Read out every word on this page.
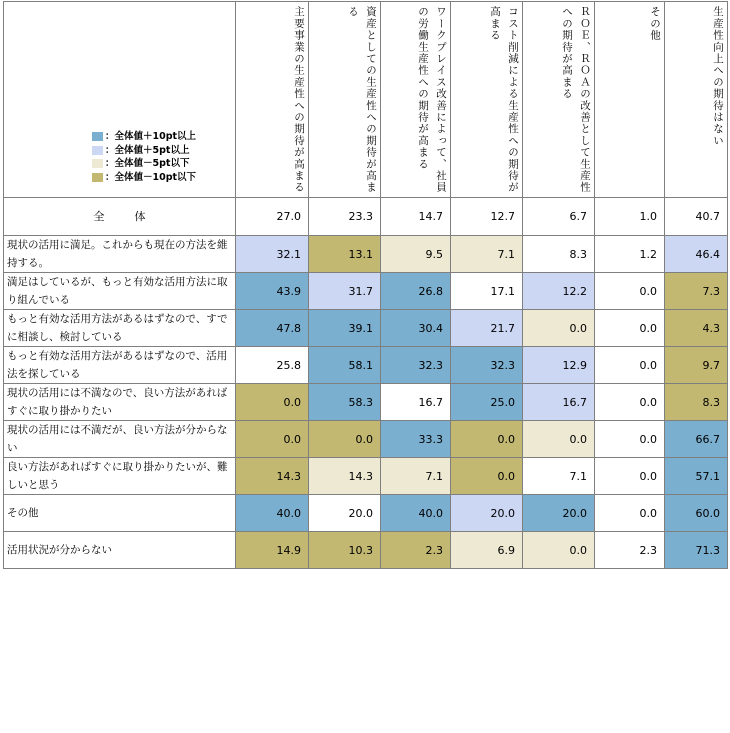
：全体値＋10pt以上
：全体値＋5pt以上
：全体値－5pt以下
：全体値－10pt以下	主要事業の生産性への期待が高まる	資産としての生産性への期待が高まる	ワークプレイス改善によって、社員の労働生産性への期待が高まる	コスト削減による生産性への期待が高まる	ＲＯＥ、ＲＯＡの改善として生産性への期待が高まる	その他	生産性向上への期待はない
全 体	27.0	23.3	14.7	12.7	6.7	1.0	40.7
現状の活用に満足。これからも現在の方法を維持する。	32.1	13.1	9.5	7.1	8.3	1.2	46.4
満足はしているが、もっと有効な活用方法に取り組んでいる	43.9	31.7	26.8	17.1	12.2	0.0	7.3
もっと有効な活用方法があるはずなので、すでに相談し、検討している	47.8	39.1	30.4	21.7	0.0	0.0	4.3
もっと有効な活用方法があるはずなので、活用法を探している	25.8	58.1	32.3	32.3	12.9	0.0	9.7
現状の活用には不満なので、良い方法があればすぐに取り掛かりたい	0.0	58.3	16.7	25.0	16.7	0.0	8.3
現状の活用には不満だが、良い方法が分からない	0.0	0.0	33.3	0.0	0.0	0.0	66.7
良い方法があればすぐに取り掛かりたいが、難しいと思う	14.3	14.3	7.1	0.0	7.1	0.0	57.1
その他	40.0	20.0	40.0	20.0	20.0	0.0	60.0
活用状況が分からない	14.9	10.3	2.3	6.9	0.0	2.3	71.3
